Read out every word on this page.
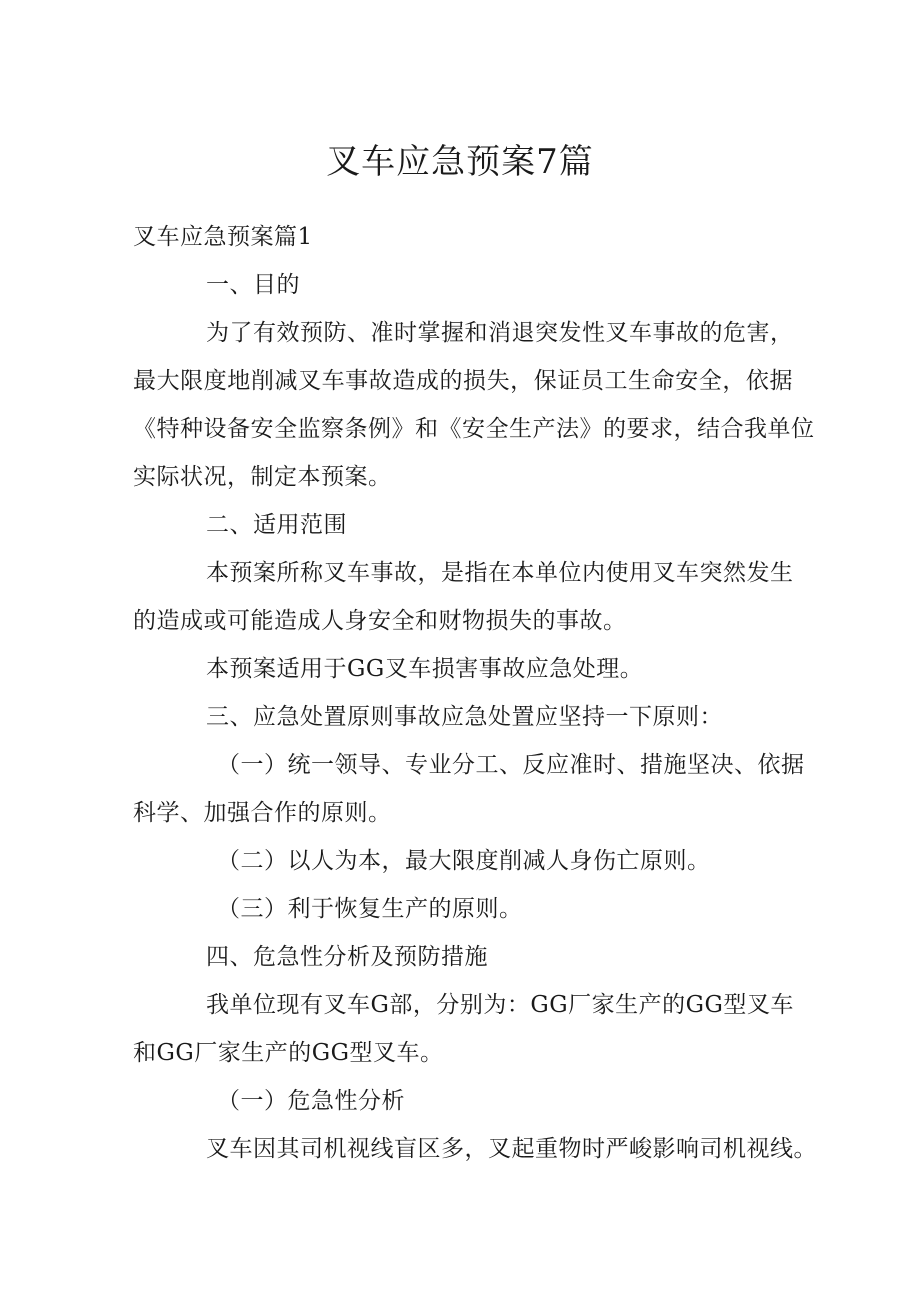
叉车应急预案7篇

叉车应急预案篇1

一、目的

为了有效预防、准时掌握和消退突发性叉车事故的危害，

最大限度地削减叉车事故造成的损失，保证员工生命安全，依据

《特种设备安全监察条例》和《安全生产法》的要求，结合我单位

实际状况，制定本预案。

二、适用范围

本预案所称叉车事故，是指在本单位内使用叉车突然发生

的造成或可能造成人身安全和财物损失的事故。

本预案适用于GG叉车损害事故应急处理。

三、应急处置原则事故应急处置应坚持一下原则：

（一）统一领导、专业分工、反应准时、措施坚决、依据

科学、加强合作的原则。

（二）以人为本，最大限度削减人身伤亡原则。

（三）利于恢复生产的原则。

四、危急性分析及预防措施

我单位现有叉车G部，分别为：GG厂家生产的GG型叉车

和GG厂家生产的GG型叉车。

（一）危急性分析

叉车因其司机视线盲区多，叉起重物时严峻影响司机视线。
